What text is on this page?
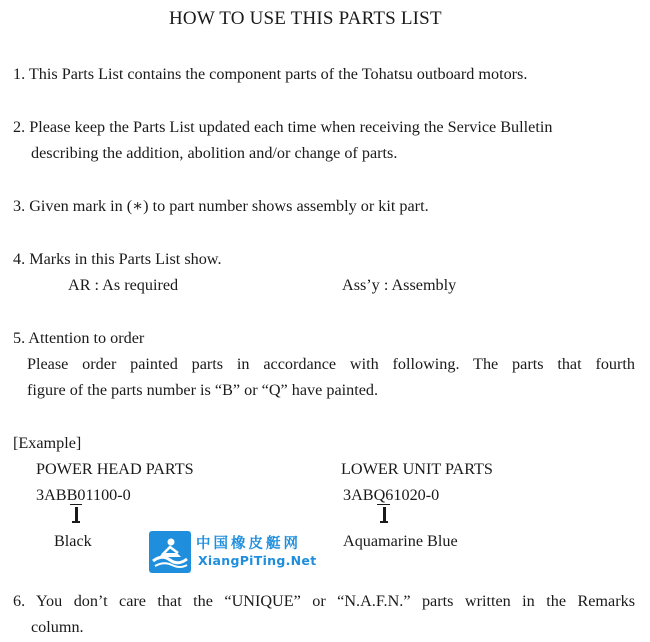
HOW TO USE THIS PARTS LIST
1. This Parts List contains the component parts of the Tohatsu outboard motors.
2. Please keep the Parts List updated each time when receiving the Service Bulletin
describing the addition, abolition and/or change of parts.
3. Given mark in (∗) to part number shows assembly or kit part.
4. Marks in this Parts List show.
AR : As required	Ass’y : Assembly
5. Attention to order
Please order painted parts in accordance with following. The parts that fourth
figure of the parts number is “B” or “Q” have painted.
[Example]
POWER HEAD PARTS
3ABB01100-0
Black
LOWER UNIT PARTS
3ABQ61020-0
Aquamarine Blue
中国橡皮艇网
XiangPiTing.Net
6. You don’t care that the “UNIQUE” or “N.A.F.N.” parts written in the Remarks
column.
